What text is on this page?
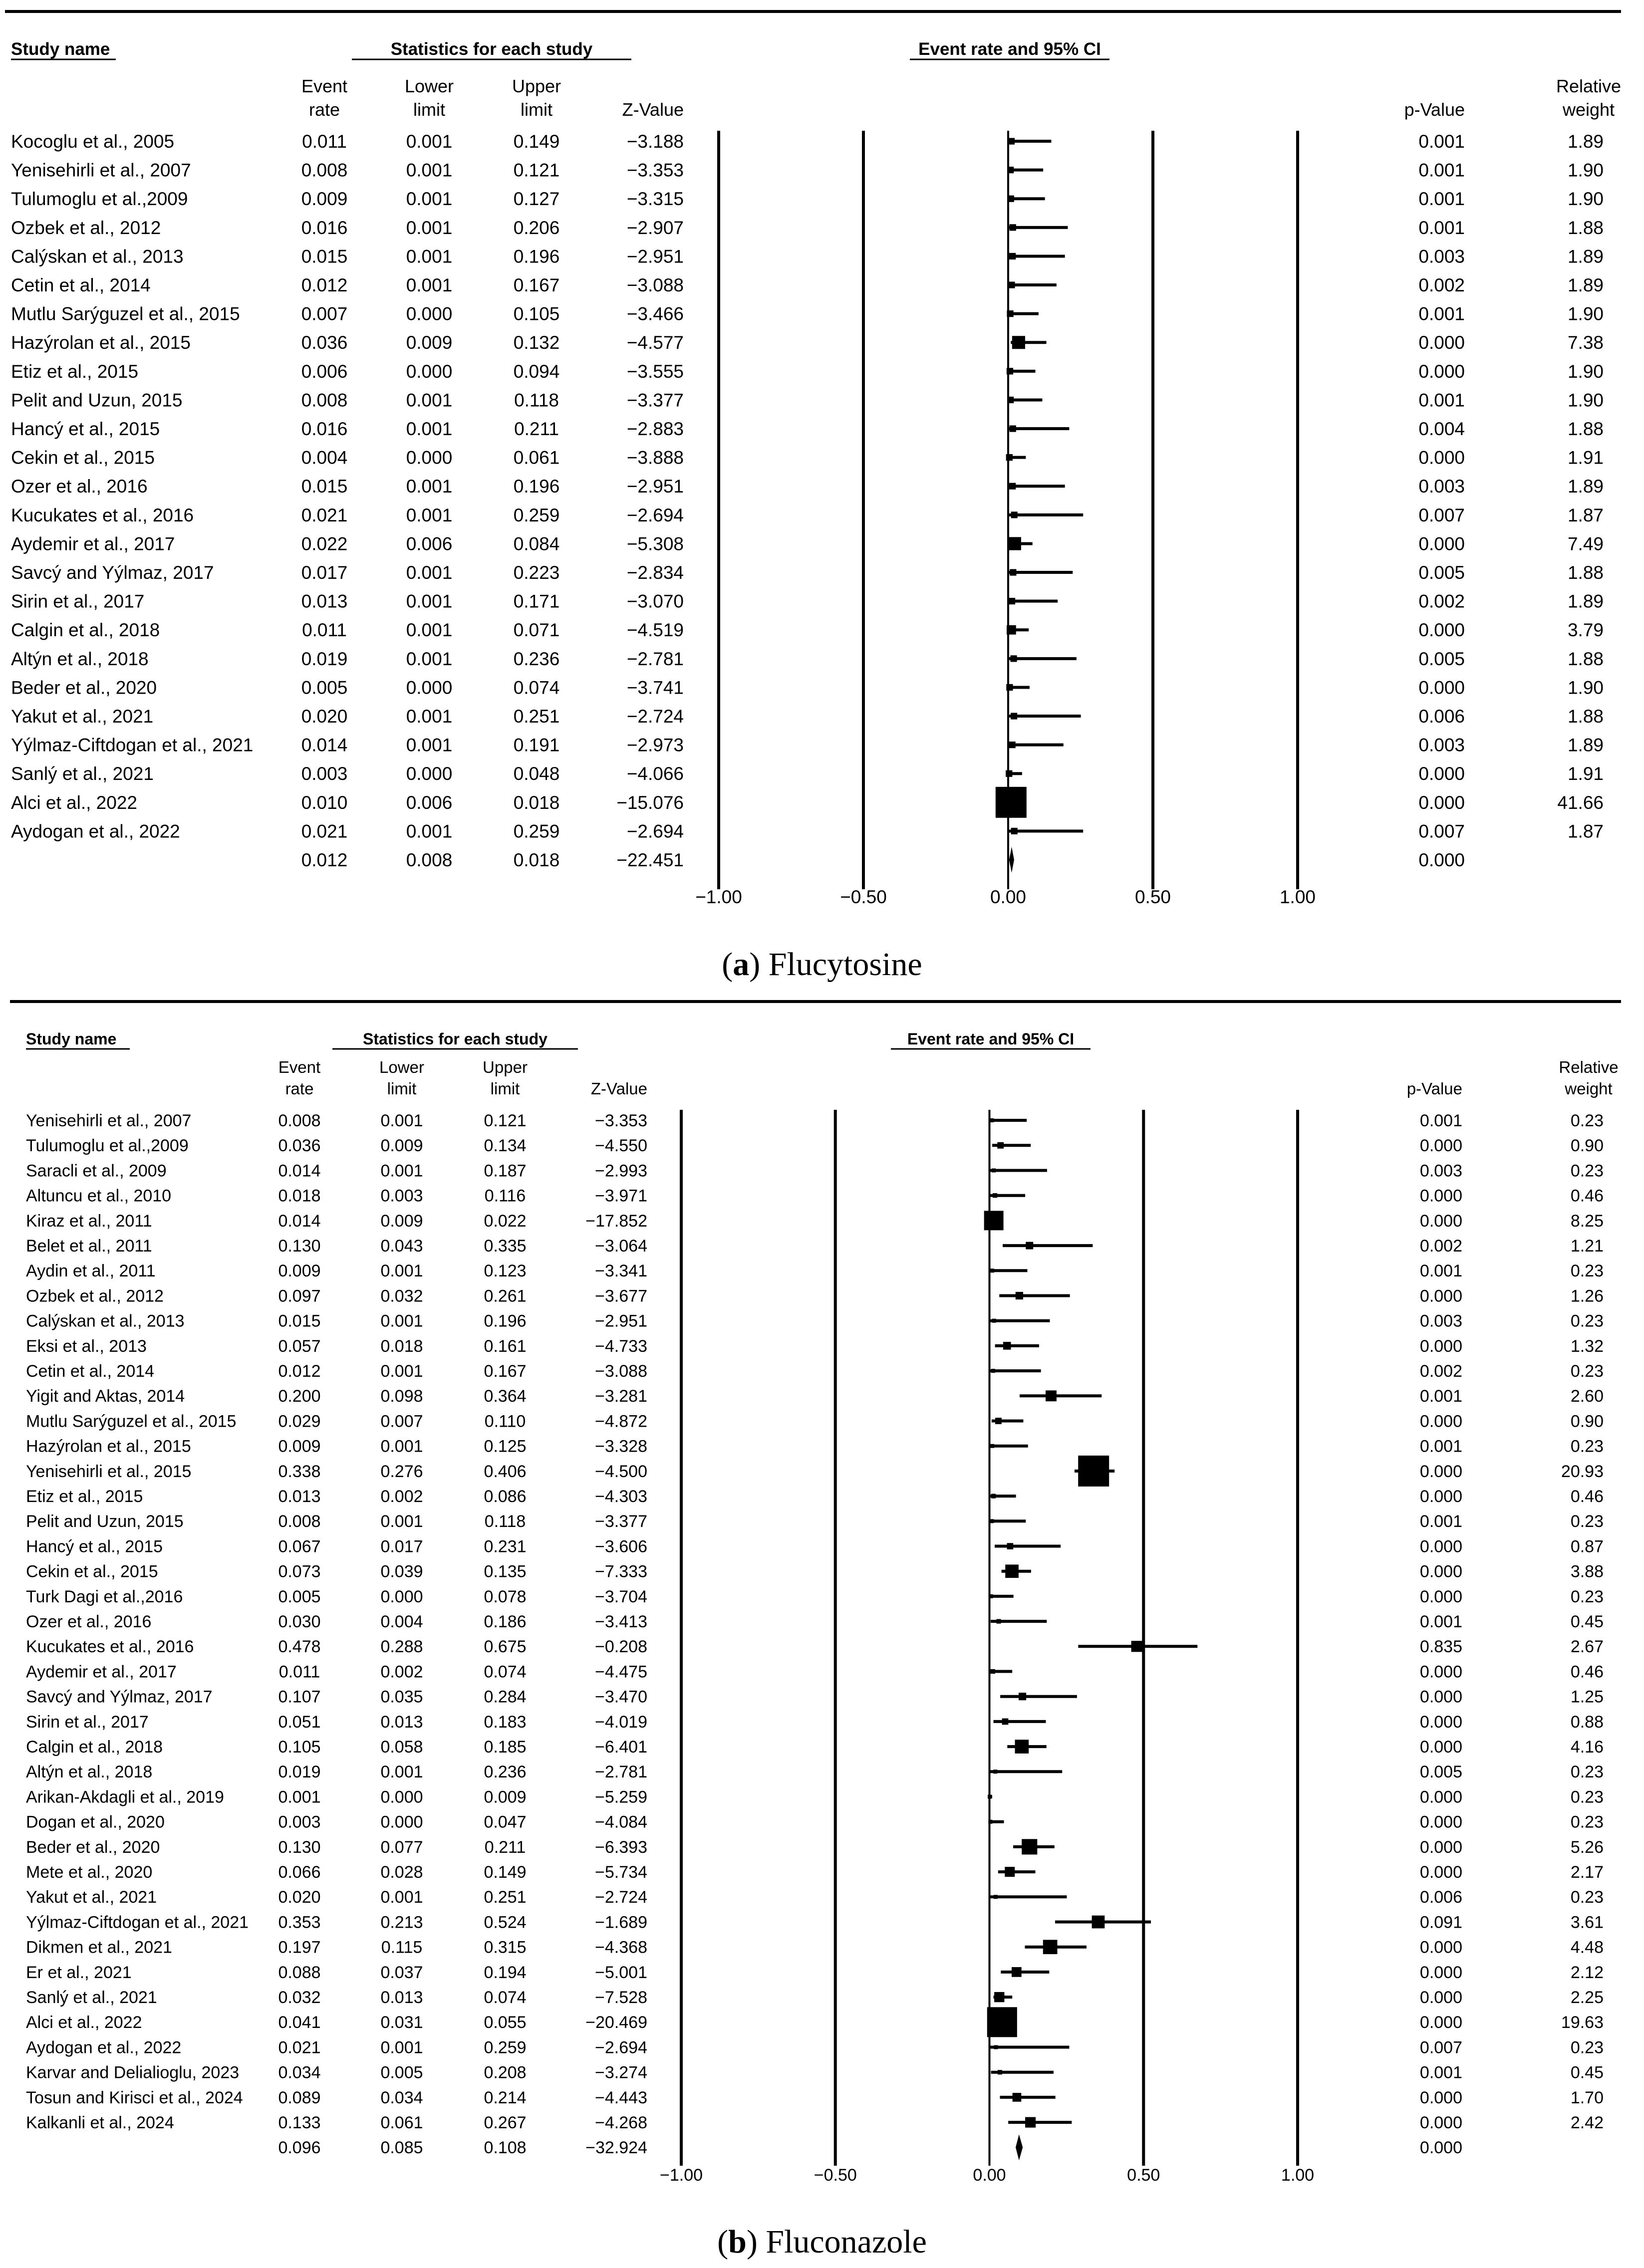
Study name	Statistics for each study	Event rate and 95% CI
Event
rate
Lower
limit
Upper
limit	Z-Value	p-Value
Relative
weight
−1.00	−0.50	0.00	0.50	1.00
Kocoglu et al., 2005	0.011	0.001	0.149	−3.188	0.001	1.89
Yenisehirli et al., 2007	0.008	0.001	0.121	−3.353	0.001	1.90
Tulumoglu et al.,2009	0.009	0.001	0.127	−3.315	0.001	1.90
Ozbek et al., 2012	0.016	0.001	0.206	−2.907	0.001	1.88
Calýskan et al., 2013	0.015	0.001	0.196	−2.951	0.003	1.89
Cetin et al., 2014	0.012	0.001	0.167	−3.088	0.002	1.89
Mutlu Sarýguzel et al., 2015	0.007	0.000	0.105	−3.466	0.001	1.90
Hazýrolan et al., 2015	0.036	0.009	0.132	−4.577	0.000	7.38
Etiz et al., 2015	0.006	0.000	0.094	−3.555	0.000	1.90
Pelit and Uzun, 2015	0.008	0.001	0.118	−3.377	0.001	1.90
Hancý et al., 2015	0.016	0.001	0.211	−2.883	0.004	1.88
Cekin et al., 2015	0.004	0.000	0.061	−3.888	0.000	1.91
Ozer et al., 2016	0.015	0.001	0.196	−2.951	0.003	1.89
Kucukates et al., 2016	0.021	0.001	0.259	−2.694	0.007	1.87
Aydemir et al., 2017	0.022	0.006	0.084	−5.308	0.000	7.49
Savcý and Yýlmaz, 2017	0.017	0.001	0.223	−2.834	0.005	1.88
Sirin et al., 2017	0.013	0.001	0.171	−3.070	0.002	1.89
Calgin et al., 2018	0.011	0.001	0.071	−4.519	0.000	3.79
Altýn et al., 2018	0.019	0.001	0.236	−2.781	0.005	1.88
Beder et al., 2020	0.005	0.000	0.074	−3.741	0.000	1.90
Yakut et al., 2021	0.020	0.001	0.251	−2.724	0.006	1.88
Yýlmaz-Ciftdogan et al., 2021	0.014	0.001	0.191	−2.973	0.003	1.89
Sanlý et al., 2021	0.003	0.000	0.048	−4.066	0.000	1.91
Alci et al., 2022	0.010	0.006	0.018	−15.076	0.000	41.66
Aydogan et al., 2022	0.021	0.001	0.259	−2.694	0.007	1.87
0.012	0.008	0.018	−22.451	0.000
Study name	Statistics for each study	Event rate and 95% CI
Event
rate
Lower
limit
Upper
limit	Z-Value	p-Value
Relative
weight
−1.00	−0.50	0.00	0.50	1.00
Yenisehirli et al., 2007	0.008	0.001	0.121	−3.353	0.001	0.23
Tulumoglu et al.,2009	0.036	0.009	0.134	−4.550	0.000	0.90
Saracli et al., 2009	0.014	0.001	0.187	−2.993	0.003	0.23
Altuncu et al., 2010	0.018	0.003	0.116	−3.971	0.000	0.46
Kiraz et al., 2011	0.014	0.009	0.022	−17.852	0.000	8.25
Belet et al., 2011	0.130	0.043	0.335	−3.064	0.002	1.21
Aydin et al., 2011	0.009	0.001	0.123	−3.341	0.001	0.23
Ozbek et al., 2012	0.097	0.032	0.261	−3.677	0.000	1.26
Calýskan et al., 2013	0.015	0.001	0.196	−2.951	0.003	0.23
Eksi et al., 2013	0.057	0.018	0.161	−4.733	0.000	1.32
Cetin et al., 2014	0.012	0.001	0.167	−3.088	0.002	0.23
Yigit and Aktas, 2014	0.200	0.098	0.364	−3.281	0.001	2.60
Mutlu Sarýguzel et al., 2015 0.029	0.007	0.110	−4.872	0.000	0.90
Hazýrolan et al., 2015	0.009	0.001	0.125	−3.328	0.001	0.23
Yenisehirli et al., 2015	0.338	0.276	0.406	−4.500	0.000	20.93
Etiz et al., 2015	0.013	0.002	0.086	−4.303	0.000	0.46
Pelit and Uzun, 2015	0.008	0.001	0.118	−3.377	0.001	0.23
Hancý et al., 2015	0.067	0.017	0.231	−3.606	0.000	0.87
Cekin et al., 2015	0.073	0.039	0.135	−7.333	0.000	3.88
Turk Dagi et al.,2016	0.005	0.000	0.078	−3.704	0.000	0.23
Ozer et al., 2016	0.030	0.004	0.186	−3.413	0.001	0.45
Kucukates et al., 2016	0.478	0.288	0.675	−0.208	0.835	2.67
Aydemir et al., 2017	0.011	0.002	0.074	−4.475	0.000	0.46
Savcý and Yýlmaz, 2017	0.107	0.035	0.284	−3.470	0.000	1.25
Sirin et al., 2017	0.051	0.013	0.183	−4.019	0.000	0.88
Calgin et al., 2018	0.105	0.058	0.185	−6.401	0.000	4.16
Altýn et al., 2018	0.019	0.001	0.236	−2.781	0.005	0.23
Arikan-Akdagli et al., 2019	0.001	0.000	0.009	−5.259	0.000	0.23
Dogan et al., 2020	0.003	0.000	0.047	−4.084	0.000	0.23
Beder et al., 2020	0.130	0.077	0.211	−6.393	0.000	5.26
Mete et al., 2020	0.066	0.028	0.149	−5.734	0.000	2.17
Yakut et al., 2021	0.020	0.001	0.251	−2.724	0.006	0.23
Yýlmaz-Ciftdogan et al., 2021 0.353	0.213	0.524	−1.689	0.091	3.61
Dikmen et al., 2021	0.197	0.115	0.315	−4.368	0.000	4.48
Er et al., 2021	0.088	0.037	0.194	−5.001	0.000	2.12
Sanlý et al., 2021	0.032	0.013	0.074	−7.528	0.000	2.25
Alci et al., 2022	0.041	0.031	0.055	−20.469	0.000	19.63
Aydogan et al., 2022	0.021	0.001	0.259	−2.694	0.007	0.23
Karvar and Delialioglu, 2023 0.034	0.005	0.208	−3.274	0.001	0.45
Tosun and Kirisci et al., 2024 0.089	0.034	0.214	−4.443	0.000	1.70
Kalkanli et al., 2024	0.133	0.061	0.267	−4.268	0.000	2.42
0.096	0.085	0.108	−32.924	0.000
(a) Flucytosine
(b) Fluconazole
